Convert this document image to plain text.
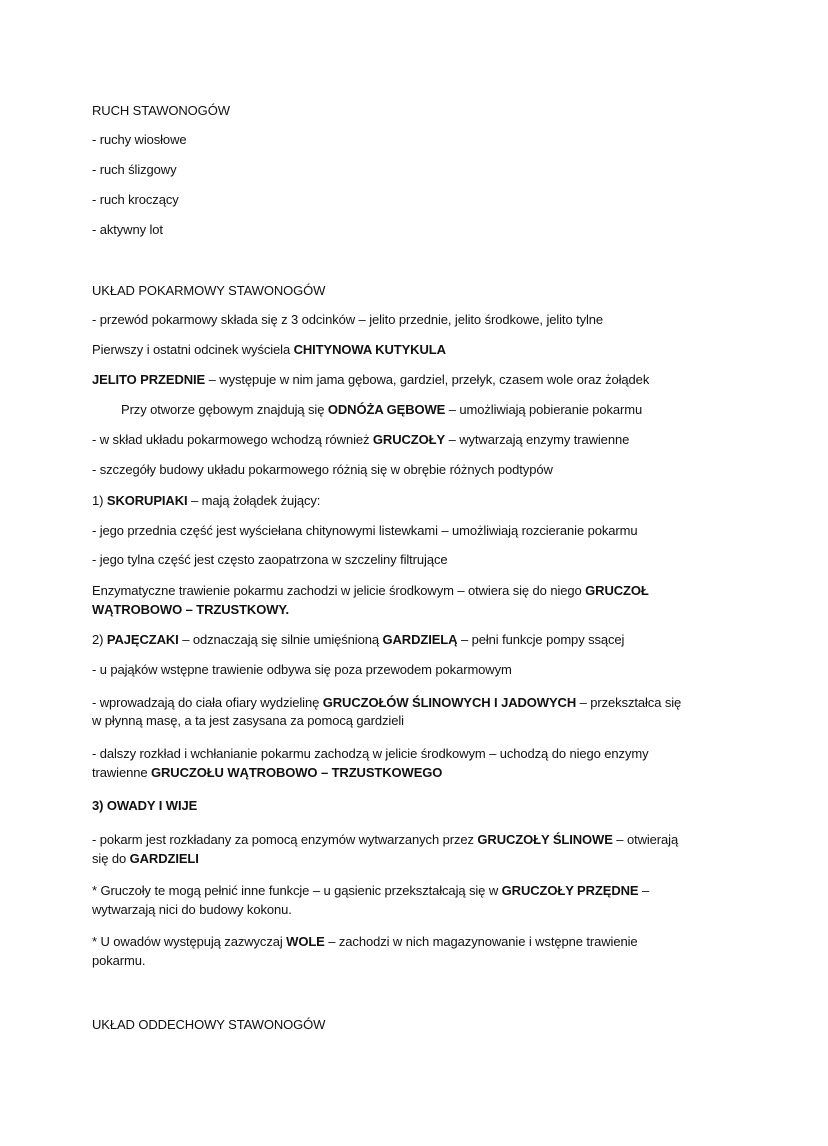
RUCH STAWONOGÓW
- ruchy wiosłowe
- ruch ślizgowy
- ruch kroczący
- aktywny lot
UKŁAD POKARMOWY STAWONOGÓW
- przewód pokarmowy składa się z 3 odcinków – jelito przednie, jelito środkowe, jelito tylne
Pierwszy i ostatni odcinek wyściela CHITYNOWA KUTYKULA
JELITO PRZEDNIE – występuje w nim jama gębowa, gardziel, przełyk, czasem wole oraz żołądek
Przy otworze gębowym znajdują się ODNÓŻA GĘBOWE – umożliwiają pobieranie pokarmu
- w skład układu pokarmowego wchodzą również GRUCZOŁY – wytwarzają enzymy trawienne
- szczegóły budowy układu pokarmowego różnią się w obrębie różnych podtypów
1) SKORUPIAKI – mają żołądek żujący:
- jego przednia część jest wyściełana chitynowymi listewkami – umożliwiają rozcieranie pokarmu
- jego tylna część jest często zaopatrzona w szczeliny filtrujące
Enzymatyczne trawienie pokarmu zachodzi w jelicie środkowym – otwiera się do niego GRUCZOŁ
WĄTROBOWO – TRZUSTKOWY.
2) PAJĘCZAKI – odznaczają się silnie umięśnioną GARDZIELĄ – pełni funkcje pompy ssącej
- u pająków wstępne trawienie odbywa się poza przewodem pokarmowym
- wprowadzają do ciała ofiary wydzielinę GRUCZOŁÓW ŚLINOWYCH I JADOWYCH – przekształca się
w płynną masę, a ta jest zasysana za pomocą gardzieli
- dalszy rozkład i wchłanianie pokarmu zachodzą w jelicie środkowym – uchodzą do niego enzymy
trawienne GRUCZOŁU WĄTROBOWO – TRZUSTKOWEGO
3) OWADY I WIJE
- pokarm jest rozkładany za pomocą enzymów wytwarzanych przez GRUCZOŁY ŚLINOWE – otwierają
się do GARDZIELI
* Gruczoły te mogą pełnić inne funkcje – u gąsienic przekształcają się w GRUCZOŁY PRZĘDNE –
wytwarzają nici do budowy kokonu.
* U owadów występują zazwyczaj WOLE – zachodzi w nich magazynowanie i wstępne trawienie
pokarmu.
UKŁAD ODDECHOWY STAWONOGÓW
